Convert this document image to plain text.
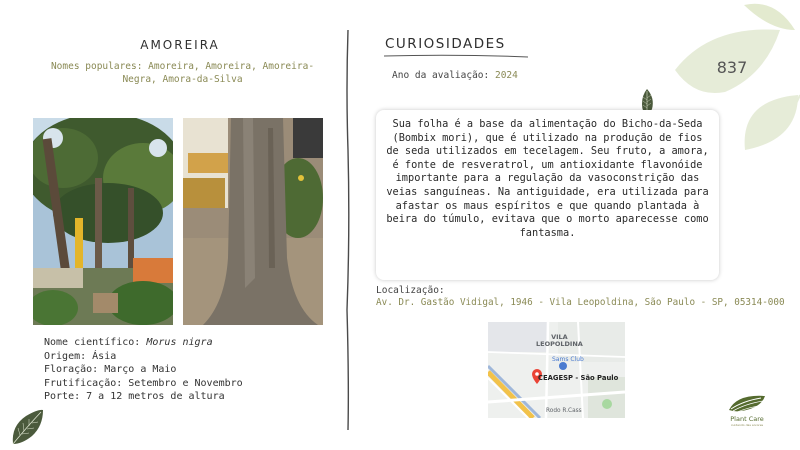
AMOREIRA
Nomes populares: Amoreira, Amoreira, Amoreira-Negra, Amora-da-Silva
Nome científico: Morus nigra
Origem: Ásia
Floração: Março a Maio
Frutificação: Setembro e Novembro
Porte: 7 a 12 metros de altura
CURIOSIDADES
Ano da avaliação: 2024	837
Sua folha é a base da alimentação do Bicho-da-Seda (Bombix mori), que é utilizado na produção de fios de seda utilizados em tecelagem. Seu fruto, a amora, é fonte de resveratrol, um antioxidante flavonóide importante para a regulação da vasoconstrição das veias sanguíneas. Na antiguidade, era utilizada para afastar os maus espíritos e que quando plantada à beira do túmulo, evitava que o morto aparecesse como fantasma.
Localização:
Av. Dr. Gastão Vidigal, 1946 - Vila Leopoldina, São Paulo - SP, 05314-000
VILA
LEOPOLDINA
Sams Club
CEAGESP - São Paulo
Rodo R.Cass
Plant Care
cuidando das arvores
